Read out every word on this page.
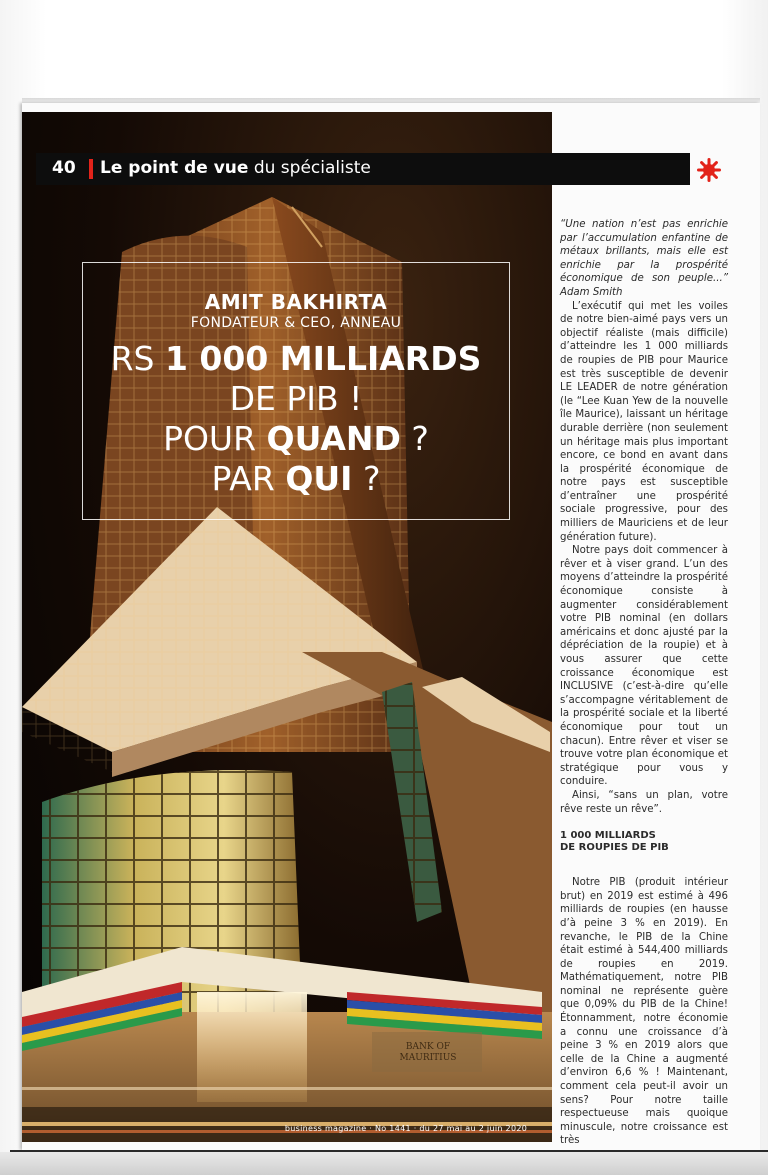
BANK OF MAURITIUS
40 Le point de vue du spécialiste
AMIT BAKHIRTA
FONDATEUR & CEO, ANNEAU
RS 1 000 MILLIARDS
DE PIB !
POUR QUAND ?
PAR QUI ?

“Une nation n’est pas enrichie par l’accumulation enfantine de métaux brillants, mais elle est enrichie par la prospérité économique de son peuple...” Adam Smith

L’exécutif qui met les voiles de notre bien-aimé pays vers un objectif réaliste (mais difficile) d’atteindre les 1 000 milliards de roupies de PIB pour Maurice est très susceptible de devenir LE LEADER de notre génération (le “Lee Kuan Yew de la nouvelle île Maurice), laissant un héritage durable derrière (non seulement un héritage mais plus important encore, ce bond en avant dans la prospérité économique de notre pays est susceptible d’entraîner une prospérité sociale progressive, pour des milliers de Mauriciens et de leur génération future).

Notre pays doit commencer à rêver et à viser grand. L’un des moyens d’atteindre la prospérité économique consiste à augmenter considérablement votre PIB nominal (en dollars américains et donc ajusté par la dépréciation de la roupie) et à vous assurer que cette croissance économique est INCLUSIVE (c’est-à-dire qu’elle s’accompagne véritablement de la prospérité sociale et la liberté économique pour tout un chacun). Entre rêver et viser se trouve votre plan économique et stratégique pour vous y conduire.

Ainsi, “sans un plan, votre rêve reste un rêve”.

1 000 MILLIARDS
DE ROUPIES DE PIB

Notre PIB (produit intérieur brut) en 2019 est estimé à 496 milliards de roupies (en hausse d’à peine 3 % en 2019). En revanche, le PIB de la Chine était estimé à 544,400 milliards de roupies en 2019. Mathématiquement, notre PIB nominal ne représente guère que 0,09% du PIB de la Chine! Étonnamment, notre économie a connu une croissance d’à peine 3 % en 2019 alors que celle de la Chine a augmenté d’environ 6,6 % ! Maintenant, comment cela peut-il avoir un sens? Pour notre taille respectueuse mais quoique minuscule, notre croissance est très

business magazine · No 1441 · du 27 mai au 2 juin 2020
